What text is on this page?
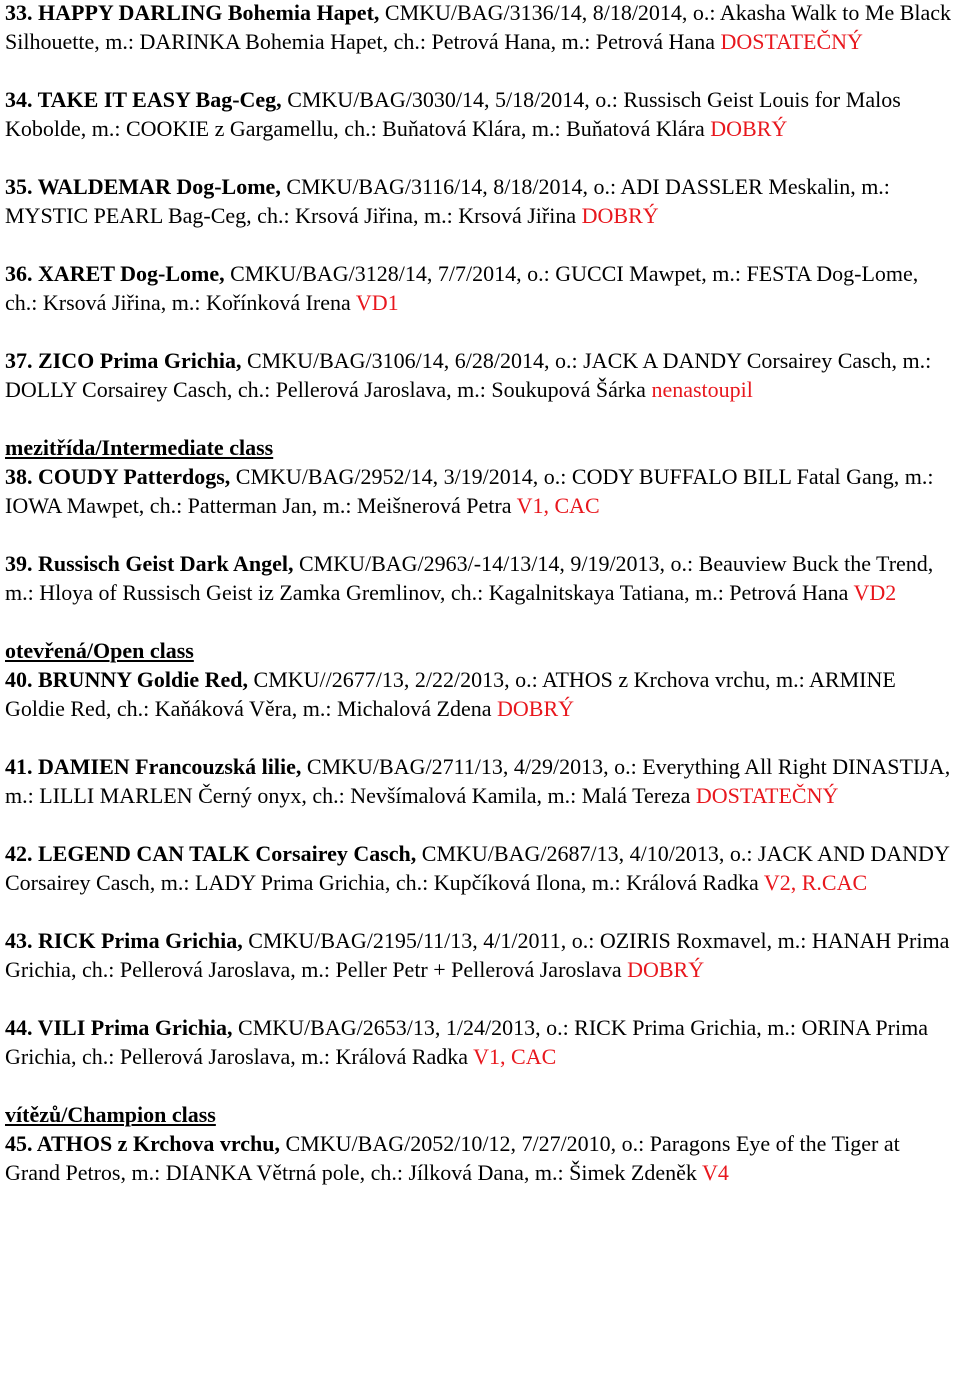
33. HAPPY DARLING Bohemia Hapet, CMKU/BAG/3136/14, 8/18/2014, o.: Akasha Walk to Me Black Silhouette, m.: DARINKA Bohemia Hapet, ch.: Petrová Hana, m.: Petrová Hana DOSTATEČNÝ
34. TAKE IT EASY Bag-Ceg, CMKU/BAG/3030/14, 5/18/2014, o.: Russisch Geist Louis for Malos Kobolde, m.: COOKIE z Gargamellu, ch.: Buňatová Klára, m.: Buňatová Klára DOBRÝ
35. WALDEMAR Dog-Lome, CMKU/BAG/3116/14, 8/18/2014, o.: ADI DASSLER Meskalin, m.: MYSTIC PEARL Bag-Ceg, ch.: Krsová Jiřina, m.: Krsová Jiřina DOBRÝ
36. XARET Dog-Lome, CMKU/BAG/3128/14, 7/7/2014, o.: GUCCI Mawpet, m.: FESTA Dog-Lome, ch.: Krsová Jiřina, m.: Kořínková Irena VD1
37. ZICO Prima Grichia, CMKU/BAG/3106/14, 6/28/2014, o.: JACK A DANDY Corsairey Casch, m.: DOLLY Corsairey Casch, ch.: Pellerová Jaroslava, m.: Soukupová Šárka nenastoupil
mezitřída/Intermediate class
38. COUDY Patterdogs, CMKU/BAG/2952/14, 3/19/2014, o.: CODY BUFFALO BILL Fatal Gang, m.: IOWA Mawpet, ch.: Patterman Jan, m.: Meišnerová Petra V1, CAC
39. Russisch Geist Dark Angel, CMKU/BAG/2963/-14/13/14, 9/19/2013, o.: Beauview Buck the Trend, m.: Hloya of Russisch Geist iz Zamka Gremlinov, ch.: Kagalnitskaya Tatiana, m.: Petrová Hana VD2
otevřená/Open class
40. BRUNNY Goldie Red, CMKU//2677/13, 2/22/2013, o.: ATHOS z Krchova vrchu, m.: ARMINE Goldie Red, ch.: Kaňáková Věra, m.: Michalová Zdena DOBRÝ
41. DAMIEN Francouzská lilie, CMKU/BAG/2711/13, 4/29/2013, o.: Everything All Right DINASTIJA, m.: LILLI MARLEN Černý onyx, ch.: Nevšímalová Kamila, m.: Malá Tereza DOSTATEČNÝ
42. LEGEND CAN TALK Corsairey Casch, CMKU/BAG/2687/13, 4/10/2013, o.: JACK AND DANDY Corsairey Casch, m.: LADY Prima Grichia, ch.: Kupčíková Ilona, m.: Králová Radka V2, R.CAC
43. RICK Prima Grichia, CMKU/BAG/2195/11/13, 4/1/2011, o.: OZIRIS Roxmavel, m.: HANAH Prima Grichia, ch.: Pellerová Jaroslava, m.: Peller Petr + Pellerová Jaroslava DOBRÝ
44. VILI Prima Grichia, CMKU/BAG/2653/13, 1/24/2013, o.: RICK Prima Grichia, m.: ORINA Prima Grichia, ch.: Pellerová Jaroslava, m.: Králová Radka V1, CAC
vítězů/Champion class
45. ATHOS z Krchova vrchu, CMKU/BAG/2052/10/12, 7/27/2010, o.: Paragons Eye of the Tiger at Grand Petros, m.: DIANKA Větrná pole, ch.: Jílková Dana, m.: Šimek Zdeněk V4
